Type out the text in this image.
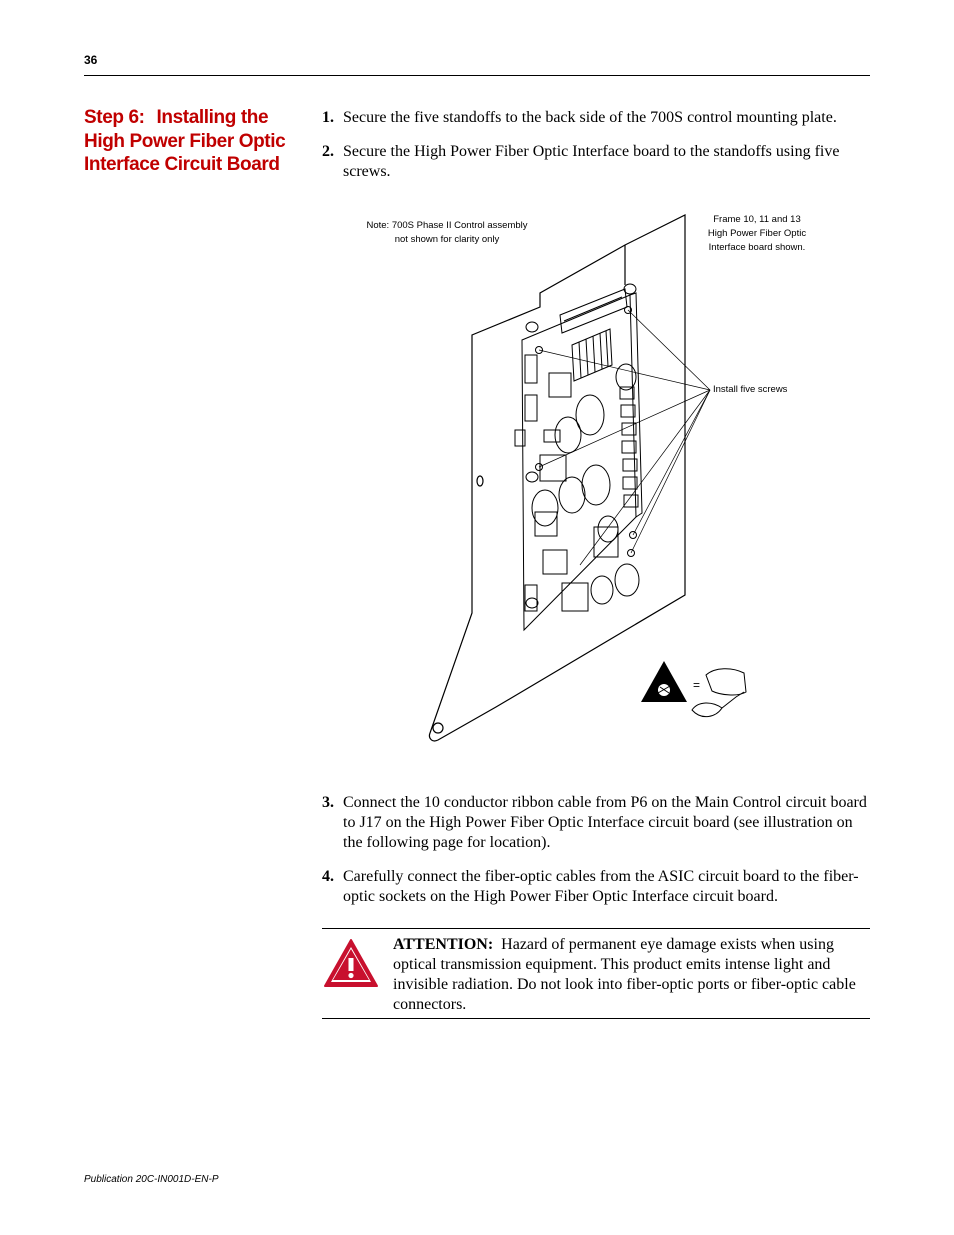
36
Step 6: Installing the High Power Fiber Optic Interface Circuit Board
1. Secure the five standoffs to the back side of the 700S control mounting plate.
2. Secure the High Power Fiber Optic Interface board to the standoffs using five screws.
Note: 700S Phase II Control assembly
not shown for clarity only
Frame 10, 11 and 13
High Power Fiber Optic
Interface board shown.
Install five screws
=
3. Connect the 10 conductor ribbon cable from P6 on the Main Control circuit board to J17 on the High Power Fiber Optic Interface circuit board (see illustration on the following page for location).
4. Carefully connect the fiber-optic cables from the ASIC circuit board to the fiber-optic sockets on the High Power Fiber Optic Interface circuit board.
ATTENTION: Hazard of permanent eye damage exists when using optical transmission equipment. This product emits intense light and invisible radiation. Do not look into fiber-optic ports or fiber-optic cable connectors.
Publication 20C-IN001D-EN-P
